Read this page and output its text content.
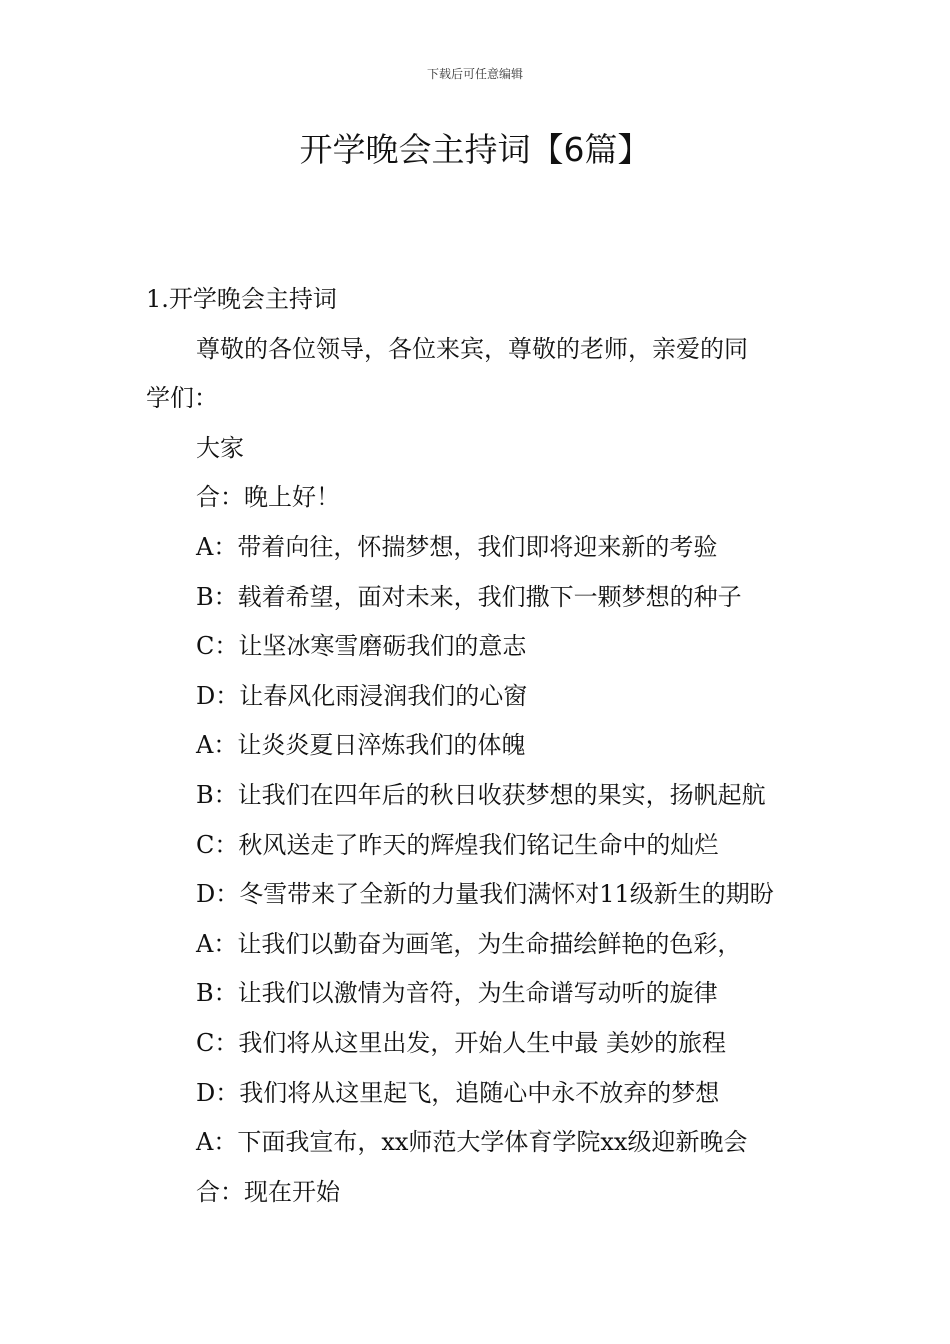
下载后可任意编辑
开学晚会主持词【6篇】

1.开学晚会主持词

尊敬的各位领导，各位来宾，尊敬的老师，亲爱的同

学们：

大家

合：晚上好！

A：带着向往，怀揣梦想，我们即将迎来新的考验

B：载着希望，面对未来，我们撒下一颗梦想的种子

C：让坚冰寒雪磨砺我们的意志

D：让春风化雨浸润我们的心窗

A：让炎炎夏日淬炼我们的体魄

B：让我们在四年后的秋日收获梦想的果实，扬帆起航

C：秋风送走了昨天的辉煌我们铭记生命中的灿烂

D：冬雪带来了全新的力量我们满怀对11级新生的期盼

A：让我们以勤奋为画笔，为生命描绘鲜艳的色彩，

B：让我们以激情为音符，为生命谱写动听的旋律

C：我们将从这里出发，开始人生中最 美妙的旅程

D：我们将从这里起飞，追随心中永不放弃的梦想

A：下面我宣布，xx师范大学体育学院xx级迎新晚会

合：现在开始
